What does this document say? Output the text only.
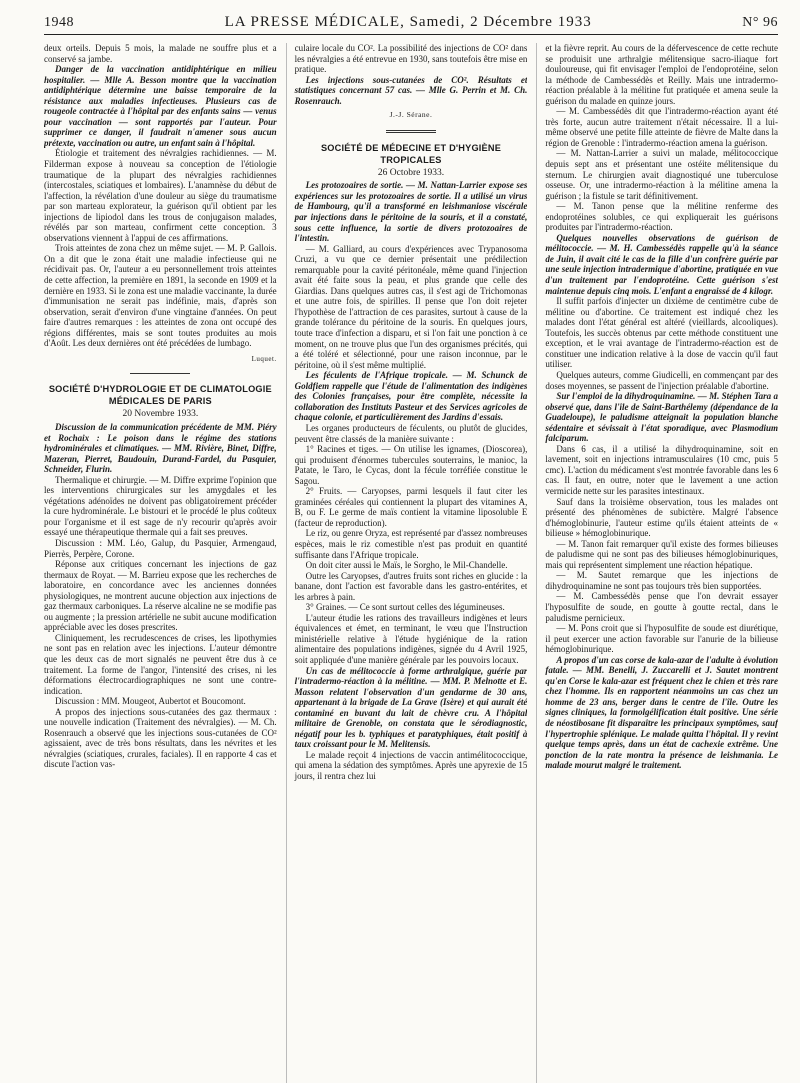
1948	LA PRESSE MÉDICALE, Samedi, 2 Décembre 1933	N° 96

deux orteils. Depuis 5 mois, la malade ne souffre plus et a conservé sa jambe.

Danger de la vaccination antidiphtérique en milieu hospitalier. — Mlle A. Besson montre que la vaccination antidiphtérique détermine une baisse temporaire de la résistance aux maladies infectieuses. Plusieurs cas de rougeole contractée à l'hôpital par des enfants sains — venus pour vaccination — sont rapportés par l'auteur. Pour supprimer ce danger, il faudrait n'amener sous aucun prétexte, vaccination ou autre, un enfant sain à l'hôpital.

Étiologie et traitement des névralgies rachidiennes. — M. Filderman expose à nouveau sa conception de l'étiologie traumatique de la plupart des névralgies rachidiennes (intercostales, sciatiques et lombaires). L'anamnèse du début de l'affection, la révélation d'une douleur au siège du traumatisme par son marteau explorateur, la guérison qu'il obtient par les injections de lipiodol dans les trous de conjugaison malades, révélés par son marteau, confirment cette conception. 3 observations viennent à l'appui de ces affirmations.

Trois atteintes de zona chez un même sujet. — M. P. Gallois. On a dit que le zona était une maladie infectieuse qui ne récidivait pas. Or, l'auteur a eu personnellement trois atteintes de cette affection, la première en 1891, la seconde en 1909 et la dernière en 1933. Si le zona est une maladie vaccinante, la durée d'immunisation ne serait pas indéfinie, mais, d'après son observation, serait d'environ d'une vingtaine d'années. On peut faire d'autres remarques : les atteintes de zona ont occupé des régions différentes, mais se sont toutes produites au mois d'Août. Les deux dernières ont été précédées de lumbago.

Luquet.
SOCIÉTÉ D'HYDROLOGIE ET DE CLIMATOLOGIE MÉDICALES DE PARIS
20 Novembre 1933.

Discussion de la communication précédente de MM. Piéry et Rochaix : Le poison dans le régime des stations hydrominérales et climatiques. — MM. Rivière, Binet, Diffre, Mazeran, Pierret, Baudouin, Durand-Fardel, du Pasquier, Schneider, Flurin.

Thermalique et chirurgie. — M. Diffre exprime l'opinion que les interventions chirurgicales sur les amygdales et les végétations adénoïdes ne doivent pas obligatoirement précéder la cure hydrominérale. Le bistouri et le procédé le plus coûteux pour l'organisme et il est sage de n'y recourir qu'après avoir essayé une thérapeutique thermale qui a fait ses preuves.

Discussion : MM. Léo, Galup, du Pasquier, Armengaud, Pierrès, Perpère, Corone.

Réponse aux critiques concernant les injections de gaz thermaux de Royat. — M. Barrieu expose que les recherches de laboratoire, en concordance avec les anciennes données physiologiques, ne montrent aucune objection aux injections de gaz thermaux carboniques. La réserve alcaline ne se modifie pas ou augmente ; la pression artérielle ne subit aucune modification appréciable avec les doses prescrites.

Cliniquement, les recrudescences de crises, les lipothymies ne sont pas en relation avec les injections. L'auteur démontre que les deux cas de mort signalés ne peuvent être dus à ce traitement. La forme de l'angor, l'intensité des crises, ni les déformations électrocardiographiques ne sont une contre-indication.

Discussion : MM. Mougeot, Aubertot et Boucomont.

A propos des injections sous-cutanées des gaz thermaux : une nouvelle indication (Traitement des névralgies). — M. Ch. Rosenrauch a observé que les injections sous-cutanées de CO² agissaient, avec de très bons résultats, dans les névrites et les névralgies (sciatiques, crurales, faciales). Il en rapporte 4 cas et discute l'action vas-

culaire locale du CO². La possibilité des injections de CO² dans les névralgies a été entrevue en 1930, sans toutefois être mise en pratique.

Les injections sous-cutanées de CO². Résultats et statistiques concernant 57 cas. — Mlle G. Perrin et M. Ch. Rosenrauch.

J.-J. Sérane.
SOCIÉTÉ DE MÉDECINE ET D'HYGIÈNE TROPICALES
26 Octobre 1933.

Les protozoaires de sortie. — M. Nattan-Larrier expose ses expériences sur les protozoaires de sortie. Il a utilisé un virus de Hambourg, qu'il a transformé en leishmaniose viscérale par injections dans le péritoine de la souris, et il a constaté, sous cette influence, la sortie de divers protozoaires de l'intestin.

— M. Galliard, au cours d'expériences avec Trypanosoma Cruzi, a vu que ce dernier présentait une prédilection remarquable pour la cavité péritonéale, même quand l'injection avait été faite sous la peau, et plus grande que celle des Giardias. Dans quelques autres cas, il s'est agi de Trichomonas et une autre fois, de spirilles. Il pense que l'on doit rejeter l'hypothèse de l'attraction de ces parasites, surtout à cause de la grande tolérance du péritoine de la souris. En quelques jours, toute trace d'infection a disparu, et si l'on fait une ponction à ce moment, on ne trouve plus que l'un des organismes précités, qui a été toléré et sélectionné, pour une raison inconnue, par le péritoine, où il s'est même multiplié.

Les féculents de l'Afrique tropicale. — M. Schunck de Goldfiem rappelle que l'étude de l'alimentation des indigènes des Colonies françaises, pour être complète, nécessite la collaboration des Instituts Pasteur et des Services agricoles de chaque colonie, et particulièrement des Jardins d'essais.

Les organes producteurs de féculents, ou plutôt de glucides, peuvent être classés de la manière suivante :

1° Racines et tiges. — On utilise les ignames, (Dioscorea), qui produisent d'énormes tubercules souterrains, le manioc, la Patate, le Taro, le Cycas, dont la fécule torréfiée constitue le Sagou.

2° Fruits. — Caryopses, parmi lesquels il faut citer les graminées céréales qui contiennent la plupart des vitamines A, B, ou F. Le germe de maïs contient la vitamine liposoluble E (facteur de reproduction).

Le riz, ou genre Oryza, est représenté par d'assez nombreuses espèces, mais le riz comestible n'est pas produit en quantité suffisante dans l'Afrique tropicale.

On doit citer aussi le Maïs, le Sorgho, le Mil-Chandelle.

Outre les Caryopses, d'autres fruits sont riches en glucide : la banane, dont l'action est favorable dans les gastro-entérites, et les arbres à pain.

3° Graines. — Ce sont surtout celles des légumineuses.

L'auteur étudie les rations des travailleurs indigènes et leurs équivalences et émet, en terminant, le vœu que l'Instruction ministérielle relative à l'étude hygiénique de la ration alimentaire des populations indigènes, signée du 4 Avril 1925, soit appliquée d'une manière générale par les pouvoirs locaux.

Un cas de mélitococcie à forme arthralgique, guérie par l'intradermo-réaction à la mélitine. — MM. P. Melnotte et E. Masson relatent l'observation d'un gendarme de 30 ans, appartenant à la brigade de La Grave (Isère) et qui aurait été contaminé en buvant du lait de chèvre cru. A l'hôpital militaire de Grenoble, on constata que le sérodiagnostic, négatif pour les b. typhiques et paratyphiques, était positif à taux croissant pour le M. Melitensis.

Le malade reçoit 4 injections de vaccin antimélitococcique, qui amena la sédation des symptômes. Après une apyrexie de 15 jours, il rentra chez lui

et la fièvre reprit. Au cours de la défervescence de cette rechute se produisit une arthralgie mélitensique sacro-iliaque fort douloureuse, qui fit envisager l'emploi de l'endoprotéine, selon la méthode de Cambessédès et Reilly. Mais une intradermo-réaction préalable à la mélitine fut pratiquée et amena seule la guérison du malade en quinze jours.

— M. Cambessédès dit que l'intradermo-réaction ayant été très forte, aucun autre traitement n'était nécessaire. Il a lui-même observé une petite fille atteinte de fièvre de Malte dans la région de Grenoble : l'intradermo-réaction amena la guérison.

— M. Nattan-Larrier a suivi un malade, mélitococcique depuis sept ans et présentant une ostéite mélitensique du sternum. Le chirurgien avait diagnostiqué une tuberculose osseuse. Or, une intradermo-réaction à la mélitine amena la guérison ; la fistule se tarit définitivement.

— M. Tanon pense que la mélitine renferme des endoprotéines solubles, ce qui expliquerait les guérisons produites par l'intradermo-réaction.

Quelques nouvelles observations de guérison de mélitococcie. — M. H. Cambessédès rappelle qu'à la séance de Juin, il avait cité le cas de la fille d'un confrère guérie par une seule injection intradermique d'abortine, pratiquée en vue d'un traitement par l'endoprotéine. Cette guérison s'est maintenue depuis cinq mois. L'enfant a engraissé de 4 kilogr.

Il suffit parfois d'injecter un dixième de centimètre cube de mélitine ou d'abortine. Ce traitement est indiqué chez les malades dont l'état général est altéré (vieillards, alcooliques). Toutefois, les succès obtenus par cette méthode constituent une exception, et le vrai avantage de l'intradermo-réaction est de constituer une indication relative à la dose de vaccin qu'il faut utiliser.

Quelques auteurs, comme Giudicelli, en commençant par des doses moyennes, se passent de l'injection préalable d'abortine.

Sur l'emploi de la dihydroquinamine. — M. Stéphen Tara a observé que, dans l'île de Saint-Barthélemy (dépendance de la Guadeloupe), le paludisme atteignait la population blanche sédentaire et sévissait à l'état sporadique, avec Plasmodium falciparum.

Dans 6 cas, il a utilisé la dihydroquinamine, soit en lavement, soit en injections intramusculaires (10 cmc, puis 5 cmc). L'action du médicament s'est montrée favorable dans les 6 cas. Il faut, en outre, noter que le lavement a une action vermicide nette sur les parasites intestinaux.

Sauf dans la troisième observation, tous les malades ont présenté des phénomènes de subictère. Malgré l'absence d'hémoglobinurie, l'auteur estime qu'ils étaient atteints de « bilieuse » hémoglobinurique.

— M. Tanon fait remarquer qu'il existe des formes bilieuses de paludisme qui ne sont pas des bilieuses hémoglobinuriques, mais qui représentent simplement une réaction hépatique.

— M. Sautet remarque que les injections de dihydroquinamine ne sont pas toujours très bien supportées.

— M. Cambessédès pense que l'on devrait essayer l'hyposulfite de soude, en goutte à goutte rectal, dans le paludisme pernicieux.

— M. Pons croit que si l'hyposulfite de soude est diurétique, il peut exercer une action favorable sur l'anurie de la bilieuse hémoglobinurique.

A propos d'un cas corse de kala-azar de l'adulte à évolution fatale. — MM. Benelli, J. Zuccarelli et J. Sautet montrent qu'en Corse le kala-azar est fréquent chez le chien et très rare chez l'homme. Ils en rapportent néanmoins un cas chez un homme de 23 ans, berger dans le centre de l'île. Outre les signes cliniques, la formolgélification était positive. Une série de néostibosane fit disparaître les principaux symptômes, sauf l'hypertrophie splénique. Le malade quitta l'hôpital. Il y revint quelque temps après, dans un état de cachexie extrême. Une ponction de la rate montra la présence de leishmania. Le malade mourut malgré le traitement.
